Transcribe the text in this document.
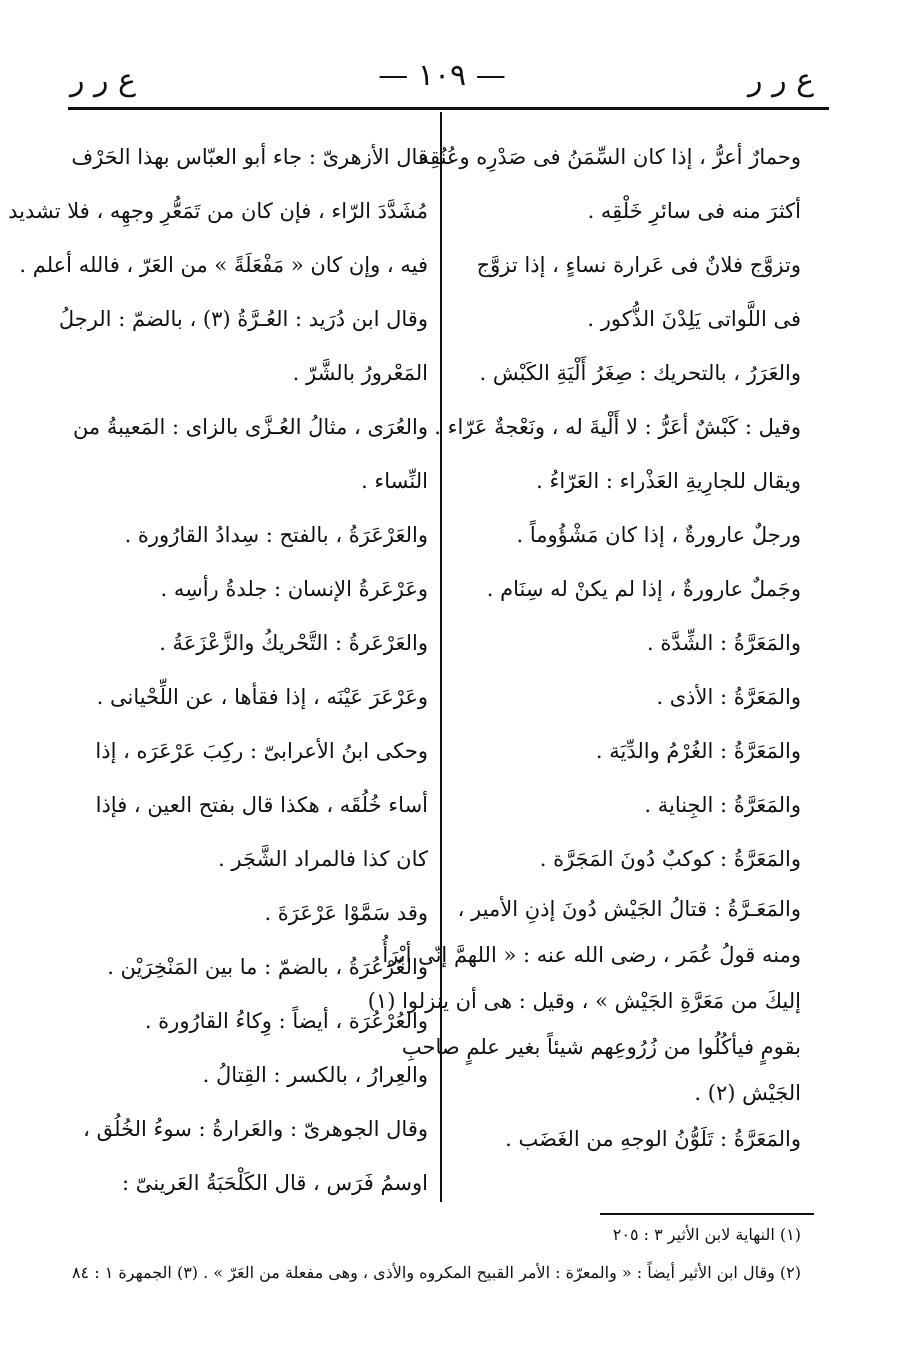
ع ر ر
— ١٠٩ —
ع ر ر
وحمارٌ أعرُّ ، إذا كان السِّمَنُ فى صَدْرِه وعُنُقِه
أكثرَ منه فى سائرِ خَلْقِه .
وتزوَّج فلانٌ فى عَرارة نساءٍ ، إذا تزوَّج
فى اللَّواتى يَلِدْنَ الذُّكور .
والعَرَرُ ، بالتحريك : صِغَرُ أَلْيَةِ الكَبْش .
وقيل : كَبْشٌ أعَرُّ : لا أَلْيةَ له ، ونَعْجةٌ عَرّاء .
ويقال للجارِيةِ العَذْراء : العَرّاءُ .
ورجلٌ عارورةٌ ، إذا كان مَشْؤُوماً .
وجَملٌ عارورةٌ ، إذا لم يكنْ له سِنَام .
والمَعَرَّةُ : الشِّدَّة .
والمَعَرَّةُ : الأذى .
والمَعَرَّةُ : الغُرْمُ والدِّيَة .
والمَعَرَّةُ : الجِناية .
والمَعَرَّةُ : كوكبٌ دُونَ المَجَرَّة .
والمَعَـرَّةُ : قتالُ الجَيْش دُونَ إذنِ الأمير ،
ومنه قولُ عُمَر ، رضى الله عنه : « اللهمَّ إنّى أبْرَأُ
إليكَ من مَعَرَّةِ الجَيْش » ، وقيل : هى أن ينزلوا (١)
بقومٍ فيأكُلُوا من زُرُوعِهم شيئاً بغير علمٍ صاحبِ
الجَيْش (٢) .
والمَعَرَّةُ : تَلَوُّنُ الوجهِ من الغَضَب .
قال الأزهرىّ : جاء أبو العبّاس بهذا الحَرْف
مُشَدَّدَ الرّاء ، فإن كان من تَمَعُّرِ وجهِه ، فلا تشديد
فيه ، وإن كان « مَفْعَلَةً » من العَرّ ، فالله أعلم .
وقال ابن دُرَيد : العُـرَّةُ (٣) ، بالضمّ : الرجلُ
المَعْرورُ بالشَّرّ .
والعُرَى ، مثالُ العُـزَّى بالزاى : المَعيبةُ من
النِّساء .
والعَرْعَرَةُ ، بالفتح : سِدادُ القارُورة .
وعَرْعَرةُ الإنسان : جلدةُ رأسِه .
والعَرْعَرةُ : التَّحْريكُ والزَّعْزَعَةُ .
وعَرْعَرَ عَيْنَه ، إذا فقأها ، عن اللِّحْيانى .
وحكى ابنُ الأعرابىّ : ركِبَ عَرْعَرَه ، إذا
أساء خُلُقَه ، هكذا قال بفتح العين ، فإذا
كان كذا فالمراد الشَّجَر .
وقد سَمَّوْا عَرْعَرَةَ .
والعُرْعُرَةُ ، بالضمّ : ما بين المَنْخِرَيْن .
والعُرْعُرَة ، أيضاً : وِكاءُ القارُورة .
والعِرارُ ، بالكسر : القِتالُ .
وقال الجوهرىّ : والعَرارةُ : سوءُ الخُلُق ،
اوسمُ فَرَس ، قال الكَلْحَبَةُ العَرينىّ :
(١) النهاية لابن الأثير ٣ : ٢٠٥
(٢) وقال ابن الأثير أيضاً : « والمعرّة : الأمر القبيح المكروه والأذى ، وهى مفعلة من العَرّ » . (٣) الجمهرة ١ : ٨٤
